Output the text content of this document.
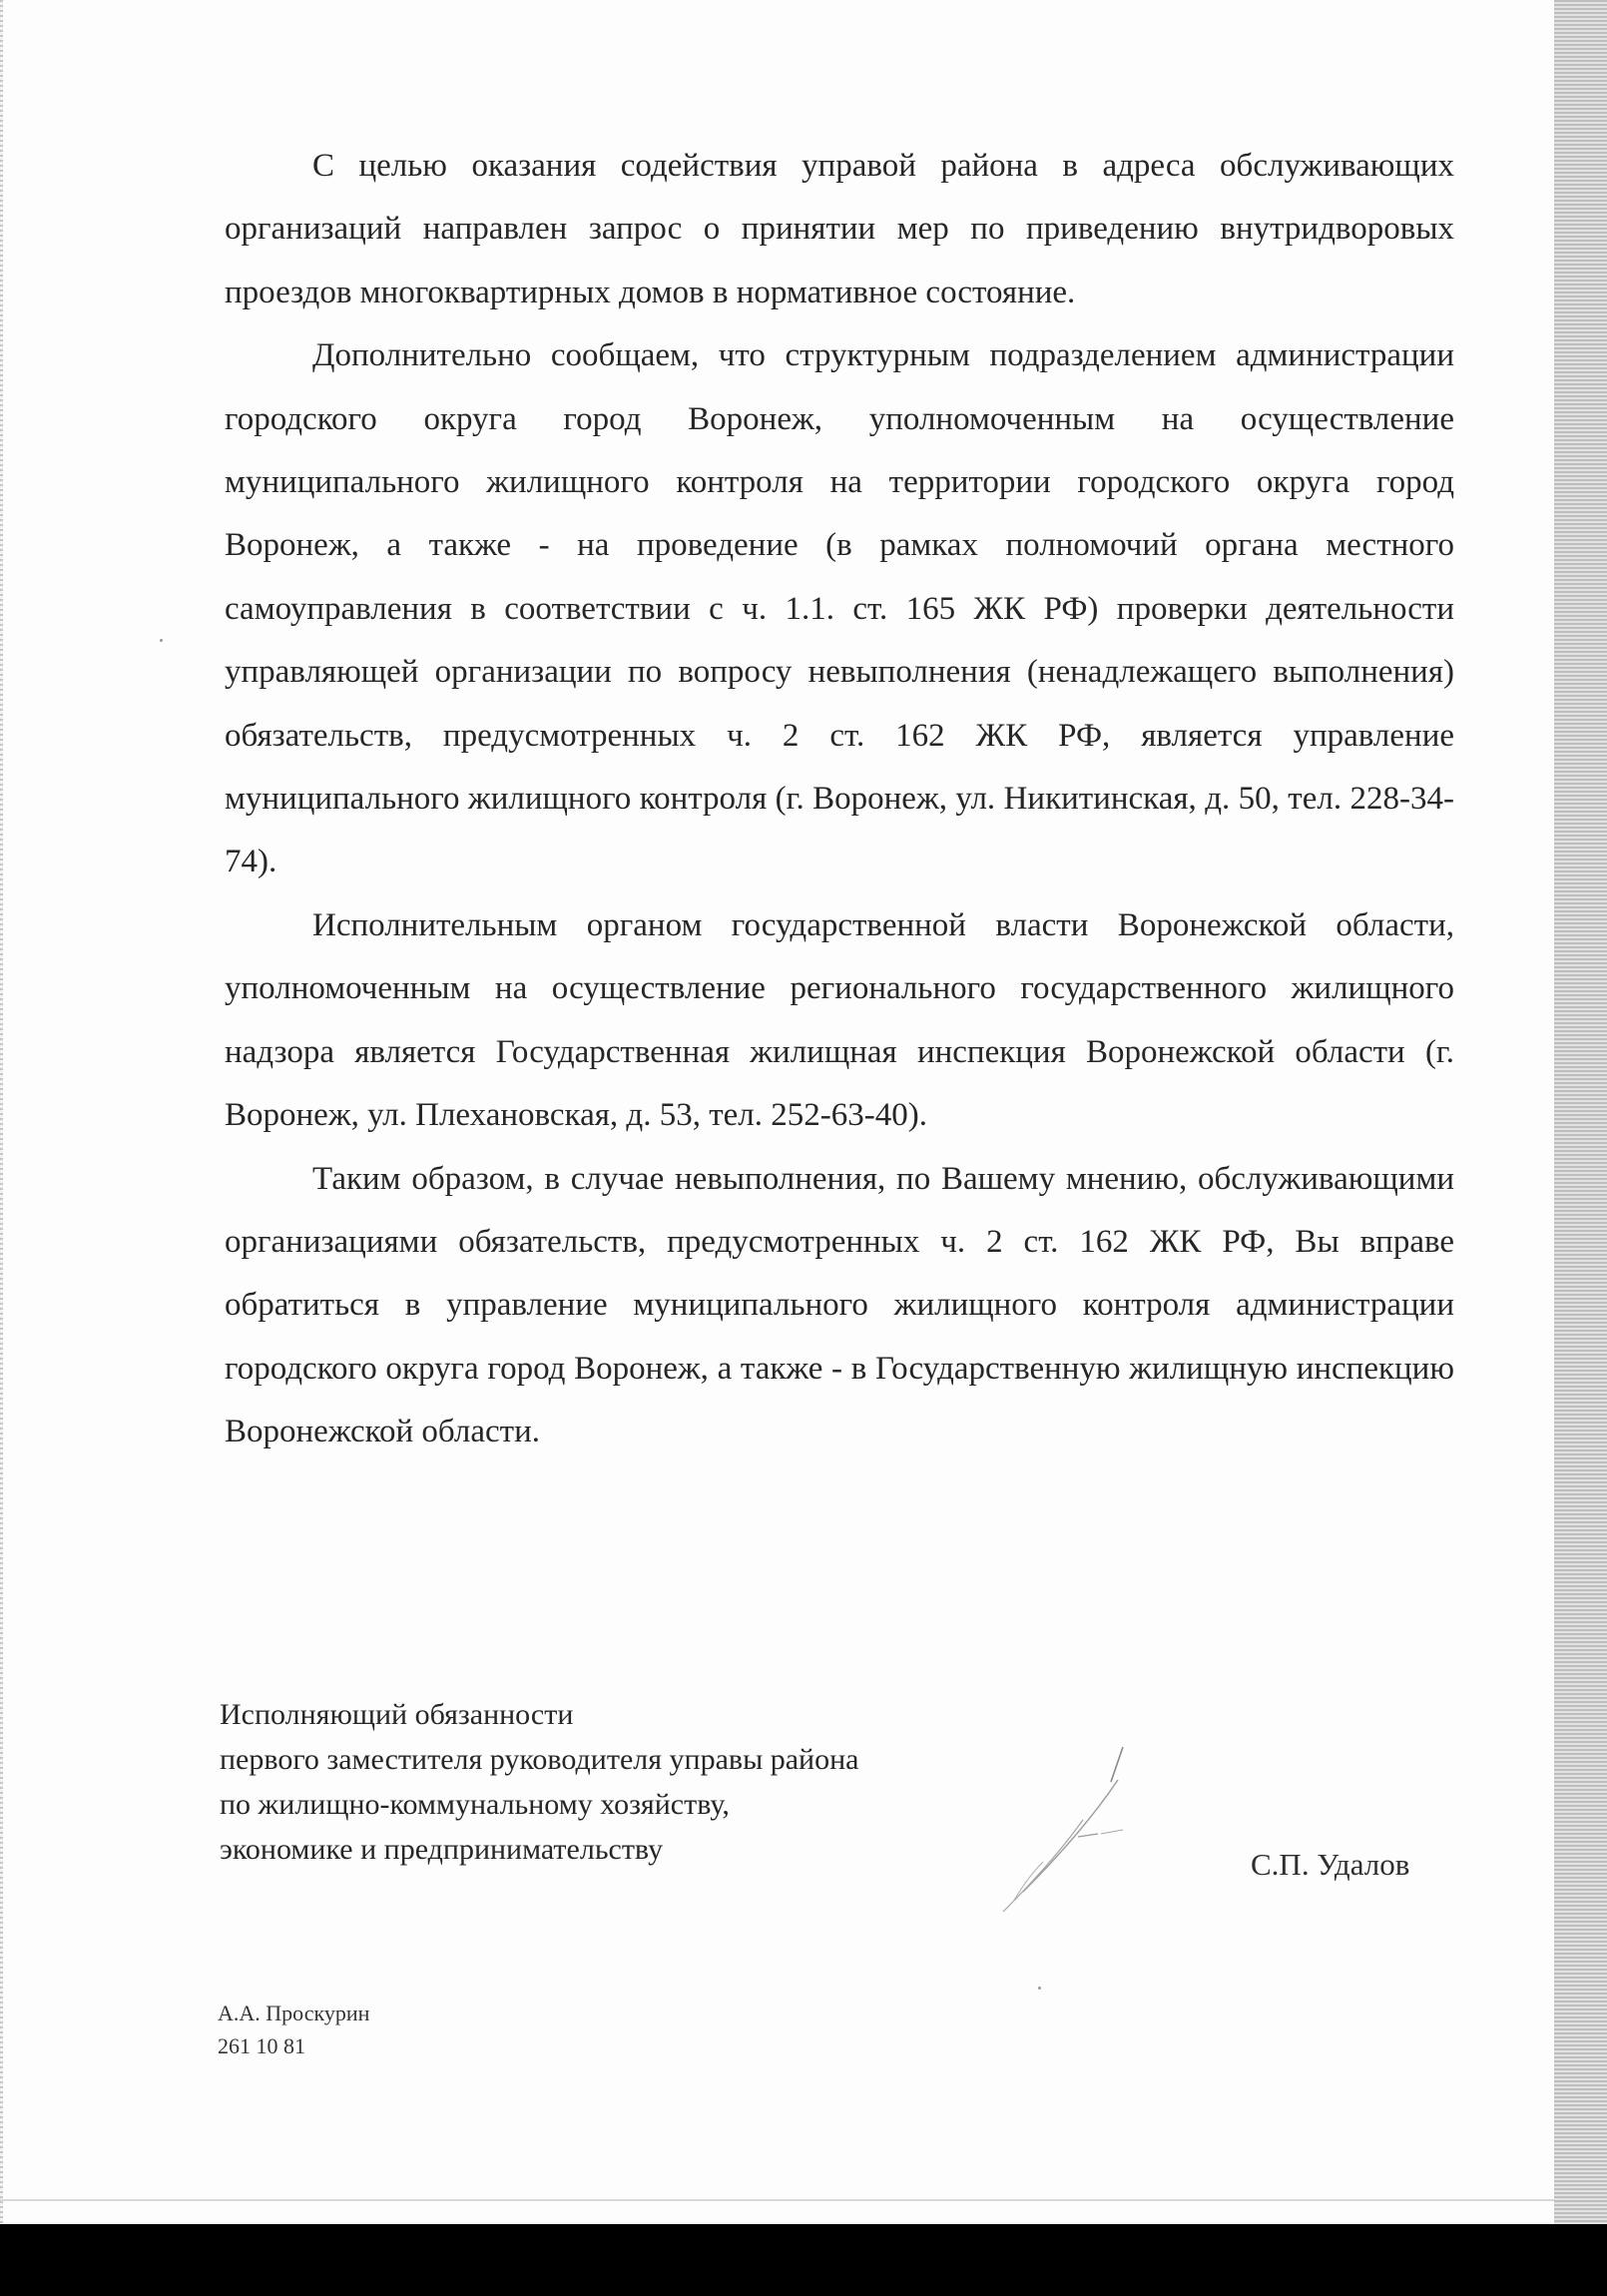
С целью оказания содействия управой района в адреса обслуживающих организаций направлен запрос о принятии мер по приведению внутридворовых проездов многоквартирных домов в нормативное состояние.

Дополнительно сообщаем, что структурным подразделением администрации городского округа город Воронеж, уполномоченным на осуществление муниципального жилищного контроля на территории городского округа город Воронеж, а также - на проведение (в рамках полномочий органа местного самоуправления в соответствии с ч. 1.1. ст. 165 ЖК РФ) проверки деятельности управляющей организации по вопросу невыполнения (ненадлежащего выполнения) обязательств, предусмотренных ч. 2 ст. 162 ЖК РФ, является управление муниципального жилищного контроля (г. Воронеж, ул. Никитинская, д. 50, тел. 228-34-74).

Исполнительным органом государственной власти Воронежской области, уполномоченным на осуществление регионального государственного жилищного надзора является Государственная жилищная инспекция Воронежской области (г. Воронеж, ул. Плехановская, д. 53, тел. 252-63-40).

Таким образом, в случае невыполнения, по Вашему мнению, обслуживающими организациями обязательств, предусмотренных ч. 2 ст. 162 ЖК РФ, Вы вправе обратиться в управление муниципального жилищного контроля администрации городского округа город Воронеж, а также - в Государственную жилищную инспекцию Воронежской области.

Исполняющий обязанности
первого заместителя руководителя управы района
по жилищно-коммунальному хозяйству,
экономике и предпринимательству	С.П. Удалов
А.А. Проскурин
261 10 81
